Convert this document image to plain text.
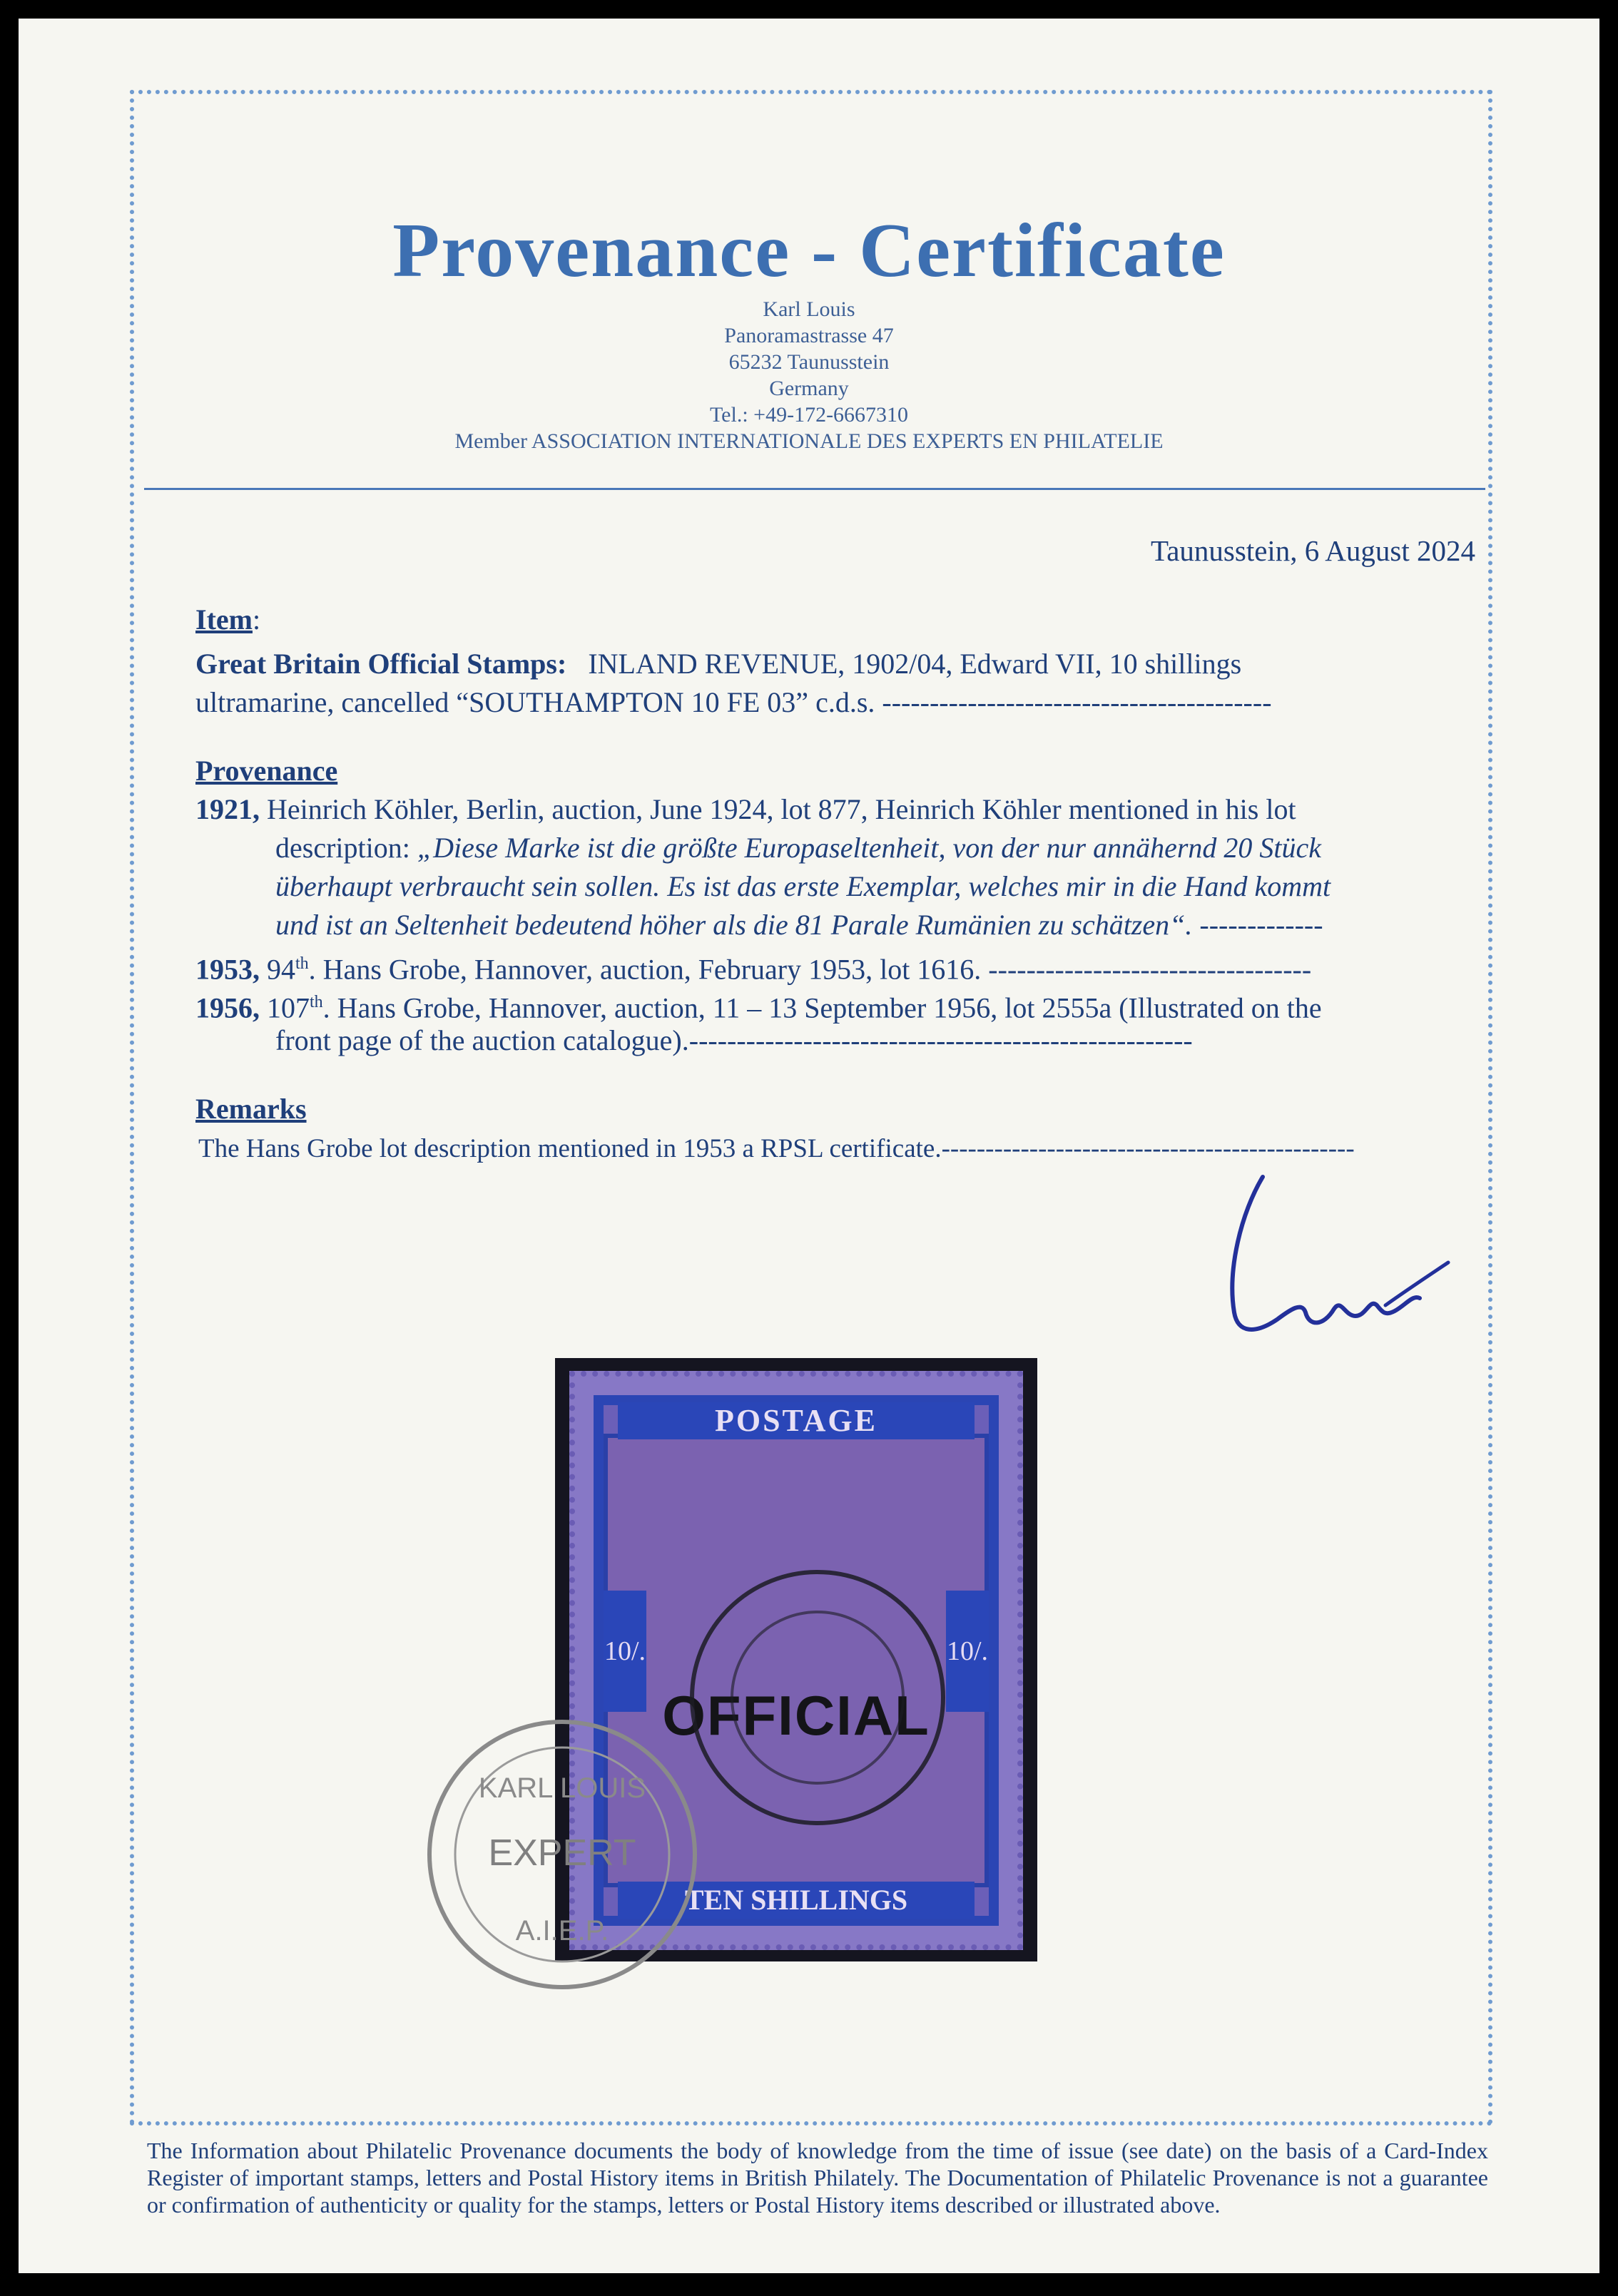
Provenance - Certificate
Karl Louis
Panoramastrasse 47
65232 Taunusstein
Germany
Tel.: +49-172-6667310
Member ASSOCIATION INTERNATIONALE DES EXPERTS EN PHILATELIE
Taunusstein, 6 August 2024
Item:
Great Britain Official Stamps: INLAND REVENUE, 1902/04, Edward VII, 10 shillings
ultramarine, cancelled “SOUTHAMPTON 10 FE 03” c.d.s. -----------------------------------------
Provenance
1921, Heinrich Köhler, Berlin, auction, June 1924, lot 877, Heinrich Köhler mentioned in his lot
description: „Diese Marke ist die größte Europaseltenheit, von der nur annähernd 20 Stück
überhaupt verbraucht sein sollen. Es ist das erste Exemplar, welches mir in die Hand kommt
und ist an Seltenheit bedeutend höher als die 81 Parale Rumänien zu schätzen“. -------------
1953, 94th. Hans Grobe, Hannover, auction, February 1953, lot 1616. ----------------------------------
1956, 107th. Hans Grobe, Hannover, auction, 11 – 13 September 1956, lot 2555a (Illustrated on the
front page of the auction catalogue).-----------------------------------------------------
Remarks
The Hans Grobe lot description mentioned in 1953 a RPSL certificate.-----------------------------------------------
POSTAGE
10/.	10/.
OFFICIAL
TEN SHILLINGS
EXPERT
KARL LOUIS
A.I.E.P.
The Information about Philatelic Provenance documents the body of knowledge from the time of issue (see date) on the basis of a Card-Index Register of important stamps, letters and Postal History items in British Philately. The Documentation of Philatelic Provenance is not a guarantee or confirmation of authenticity or quality for the stamps, letters or Postal History items described or illustrated above.
